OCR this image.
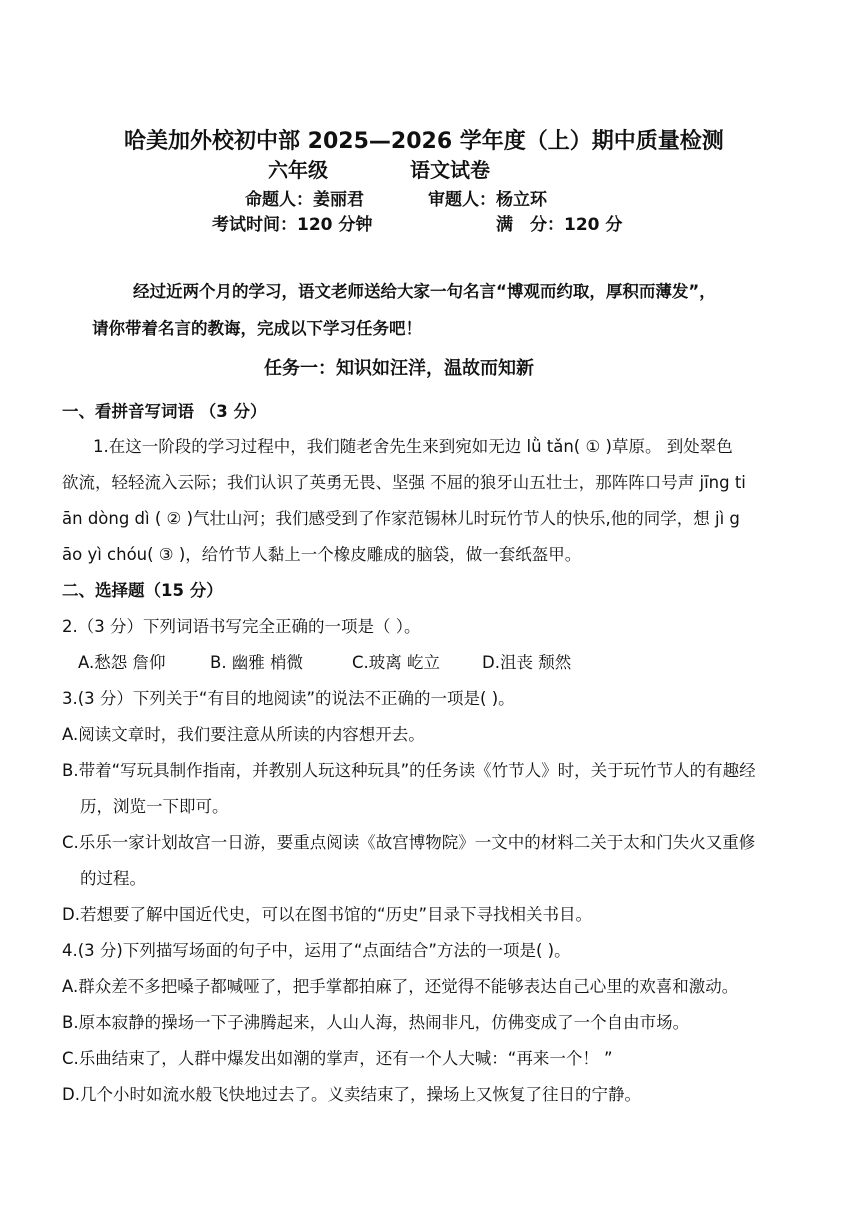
哈美加外校初中部 2025—2026 学年度（上）期中质量检测
六年级	语文试卷
命题人：姜丽君	审题人：杨立环
考试时间：120 分钟	满　分：120 分
经过近两个月的学习，语文老师送给大家一句名言“博观而约取，厚积而薄发”，
请你带着名言的教诲，完成以下学习任务吧！
任务一：知识如汪洋，温故而知新
一、看拼音写词语 （3 分）
1.在这一阶段的学习过程中，我们随老舍先生来到宛如无边 lǜ tǎn( ① )草原。 到处翠色
欲流，轻轻流入云际；我们认识了英勇无畏、坚强 不屈的狼牙山五壮士，那阵阵口号声 jīng ti
ān dòng dì ( ② )气壮山河；我们感受到了作家范锡林儿时玩竹节人的快乐,他的同学，想 jì g
āo yì chóu( ③ )，给竹节人黏上一个橡皮雕成的脑袋，做一套纸盔甲。
二、选择题（15 分）
2.（3 分）下列词语书写完全正确的一项是（ ）。
A.愁怨 詹仰	B. 幽雅 梢微	C.玻离 屹立	D.沮丧 颓然
3.(3 分）下列关于“有目的地阅读”的说法不正确的一项是( )。
A.阅读文章时，我们要注意从所读的内容想开去。
B.带着“写玩具制作指南，并教别人玩这种玩具”的任务读《竹节人》时，关于玩竹节人的有趣经
历，浏览一下即可。
C.乐乐一家计划故宫一日游，要重点阅读《故宫博物院》一文中的材料二关于太和门失火又重修
的过程。
D.若想要了解中国近代史，可以在图书馆的“历史”目录下寻找相关书目。
4.(3 分)下列描写场面的句子中，运用了“点面结合”方法的一项是( )。
A.群众差不多把嗓子都喊哑了，把手掌都拍麻了，还觉得不能够表达自己心里的欢喜和激动。
B.原本寂静的操场一下子沸腾起来，人山人海，热闹非凡，仿佛变成了一个自由市场。
C.乐曲结束了，人群中爆发出如潮的掌声，还有一个人大喊：“再来一个！ ”
D.几个小时如流水般飞快地过去了。义卖结束了，操场上又恢复了往日的宁静。
